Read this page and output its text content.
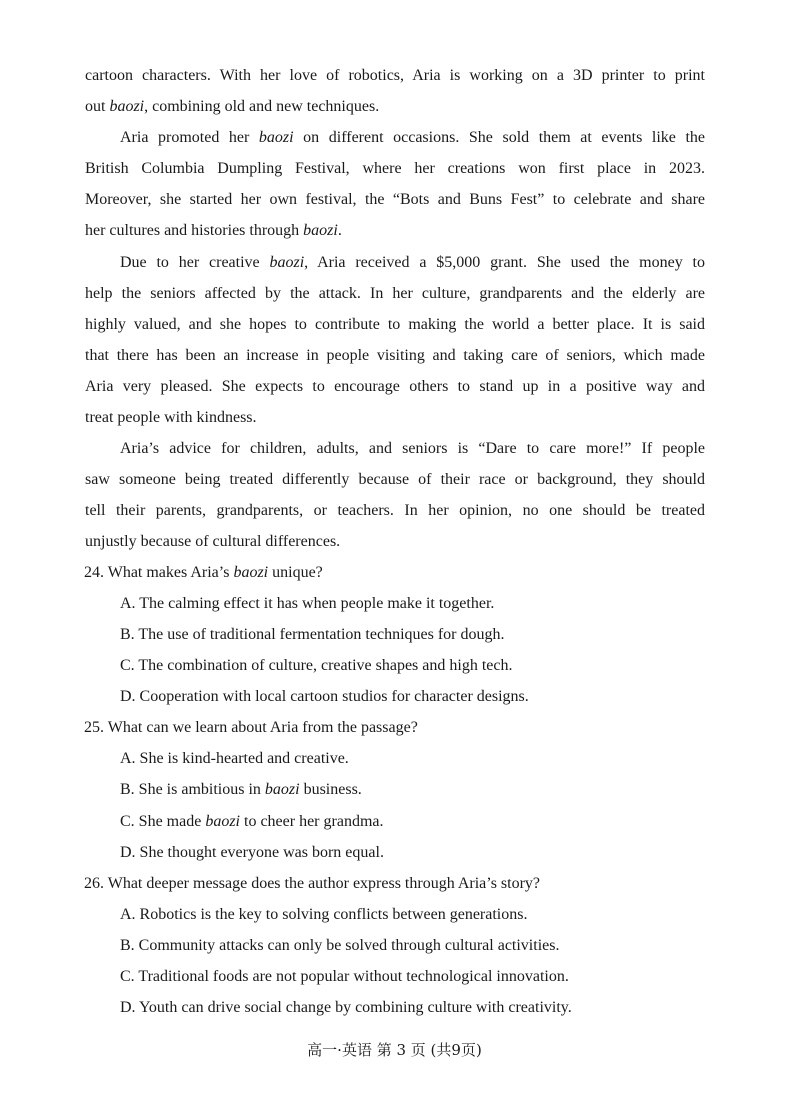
cartoon characters. With her love of robotics, Aria is working on a 3D printer to print
out baozi, combining old and new techniques.
Aria promoted her baozi on different occasions. She sold them at events like the
British Columbia Dumpling Festival, where her creations won first place in 2023.
Moreover, she started her own festival, the “Bots and Buns Fest” to celebrate and share
her cultures and histories through baozi.
Due to her creative baozi, Aria received a $5,000 grant. She used the money to
help the seniors affected by the attack. In her culture, grandparents and the elderly are
highly valued, and she hopes to contribute to making the world a better place. It is said
that there has been an increase in people visiting and taking care of seniors, which made
Aria very pleased. She expects to encourage others to stand up in a positive way and
treat people with kindness.
Aria’s advice for children, adults, and seniors is “Dare to care more!” If people
saw someone being treated differently because of their race or background, they should
tell their parents, grandparents, or teachers. In her opinion, no one should be treated
unjustly because of cultural differences.
24. What makes Aria’s baozi unique?
A. The calming effect it has when people make it together.
B. The use of traditional fermentation techniques for dough.
C. The combination of culture, creative shapes and high tech.
D. Cooperation with local cartoon studios for character designs.
25. What can we learn about Aria from the passage?
A. She is kind-hearted and creative.
B. She is ambitious in baozi business.
C. She made baozi to cheer her grandma.
D. She thought everyone was born equal.
26. What deeper message does the author express through Aria’s story?
A. Robotics is the key to solving conflicts between generations.
B. Community attacks can only be solved through cultural activities.
C. Traditional foods are not popular without technological innovation.
D. Youth can drive social change by combining culture with creativity.
高一·英语 第 3 页 (共9页)
